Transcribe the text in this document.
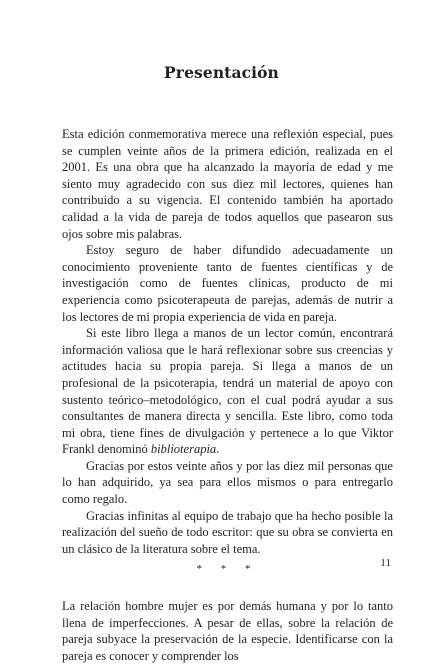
Presentación

Esta edición conmemorativa merece una reflexión especial, pues se cumplen veinte años de la primera edición, realizada en el 2001. Es una obra que ha alcanzado la mayoría de edad y me siento muy agradecido con sus diez mil lectores, quienes han contribuido a su vigencia. El contenido también ha aportado calidad a la vida de pareja de todos aquellos que pasearon sus ojos sobre mis palabras.

Estoy seguro de haber difundido adecuadamente un conocimiento proveniente tanto de fuentes científicas y de investigación como de fuentes clínicas, producto de mi experiencia como psicoterapeuta de parejas, además de nutrir a los lectores de mi propia experiencia de vida en pareja.

Si este libro llega a manos de un lector común, encontrará información valiosa que le hará reflexionar sobre sus creencias y actitudes hacia su propia pareja. Si llega a manos de un profesional de la psicoterapia, tendrá un material de apoyo con sustento teórico–metodológico, con el cual podrá ayudar a sus consultantes de manera directa y sencilla. Este libro, como toda mi obra, tiene fines de divulgación y pertenece a lo que Viktor Frankl denominó biblioterapia.

Gracias por estos veinte años y por las diez mil personas que lo han adquirido, ya sea para ellos mismos o para entregarlo como regalo.

Gracias infinitas al equipo de trabajo que ha hecho posible la realización del sueño de todo escritor: que su obra se convierta en un clásico de la literatura sobre el tema.

* * *

La relación hombre mujer es por demás humana y por lo tanto llena de imperfecciones. A pesar de ellas, sobre la relación de pareja subyace la preservación de la especie. Identificarse con la pareja es conocer y comprender los

11
